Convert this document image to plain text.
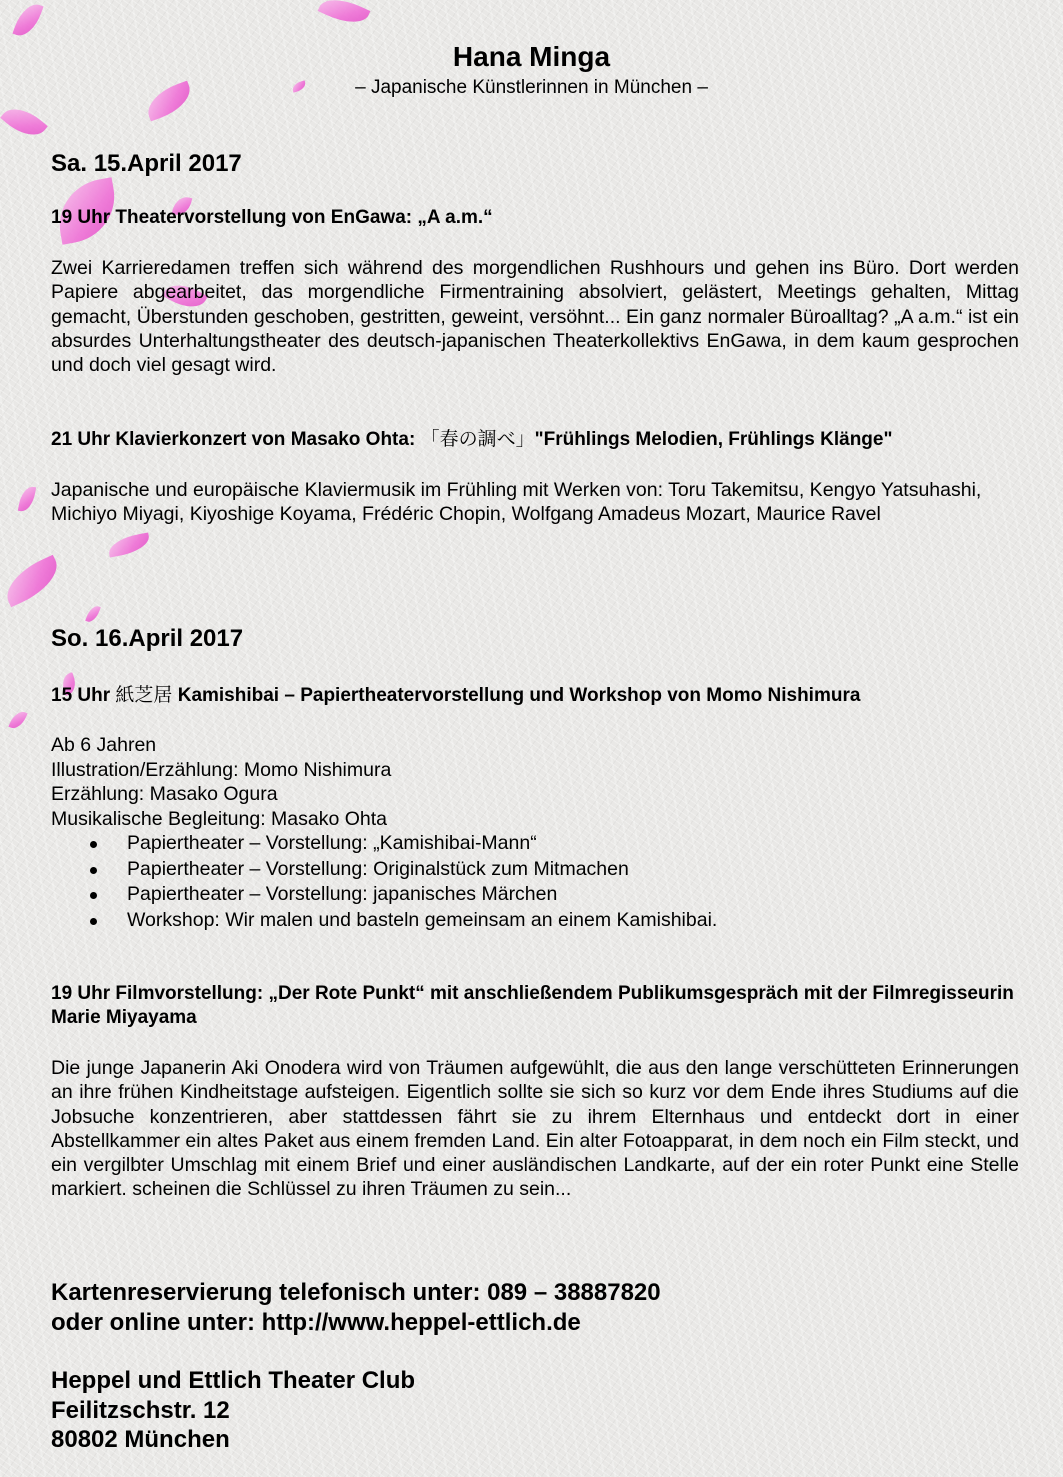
Hana Minga
– Japanische Künstlerinnen in München –
Sa. 15.April 2017
19 Uhr Theatervorstellung von EnGawa: „A a.m.“

Zwei Karrieredamen treffen sich während des morgendlichen Rushhours und gehen ins Büro. Dort werden Papiere abgearbeitet, das morgendliche Firmentraining absolviert, gelästert, Meetings gehalten, Mittag gemacht, Überstunden geschoben, gestritten, geweint, versöhnt... Ein ganz normaler Büroalltag? „A a.m.“ ist ein absurdes Unterhaltungstheater des deutsch-japanischen Theaterkollektivs EnGawa, in dem kaum gesprochen und doch viel gesagt wird.

21 Uhr Klavierkonzert von Masako Ohta: 「春の調べ」"Frühlings Melodien, Frühlings Klänge"

Japanische und europäische Klaviermusik im Frühling mit Werken von: Toru Takemitsu, Kengyo Yatsuhashi, Michiyo Miyagi, Kiyoshige Koyama, Frédéric Chopin, Wolfgang Amadeus Mozart, Maurice Ravel

So. 16.April 2017
15 Uhr 紙芝居 Kamishibai – Papiertheatervorstellung und Workshop von Momo Nishimura
Ab 6 Jahren
Illustration/Erzählung: Momo Nishimura
Erzählung: Masako Ogura
Musikalische Begleitung: Masako Ohta
Papiertheater – Vorstellung: „Kamishibai-Mann“
Papiertheater – Vorstellung: Originalstück zum Mitmachen
Papiertheater – Vorstellung: japanisches Märchen
Workshop: Wir malen und basteln gemeinsam an einem Kamishibai.
19 Uhr Filmvorstellung: „Der Rote Punkt“ mit anschließendem Publikumsgespräch mit der Filmregisseurin Marie Miyayama

Die junge Japanerin Aki Onodera wird von Träumen aufgewühlt, die aus den lange verschütteten Erinnerungen an ihre frühen Kindheitstage aufsteigen. Eigentlich sollte sie sich so kurz vor dem Ende ihres Studiums auf die Jobsuche konzentrieren, aber stattdessen fährt sie zu ihrem Elternhaus und entdeckt dort in einer Abstellkammer ein altes Paket aus einem fremden Land. Ein alter Fotoapparat, in dem noch ein Film steckt, und ein vergilbter Umschlag mit einem Brief und einer ausländischen Landkarte, auf der ein roter Punkt eine Stelle markiert. scheinen die Schlüssel zu ihren Träumen zu sein...

Kartenreservierung telefonisch unter: 089 – 38887820
oder online unter: http://www.heppel-ettlich.de
Heppel und Ettlich Theater Club
Feilitzschstr. 12
80802 München
